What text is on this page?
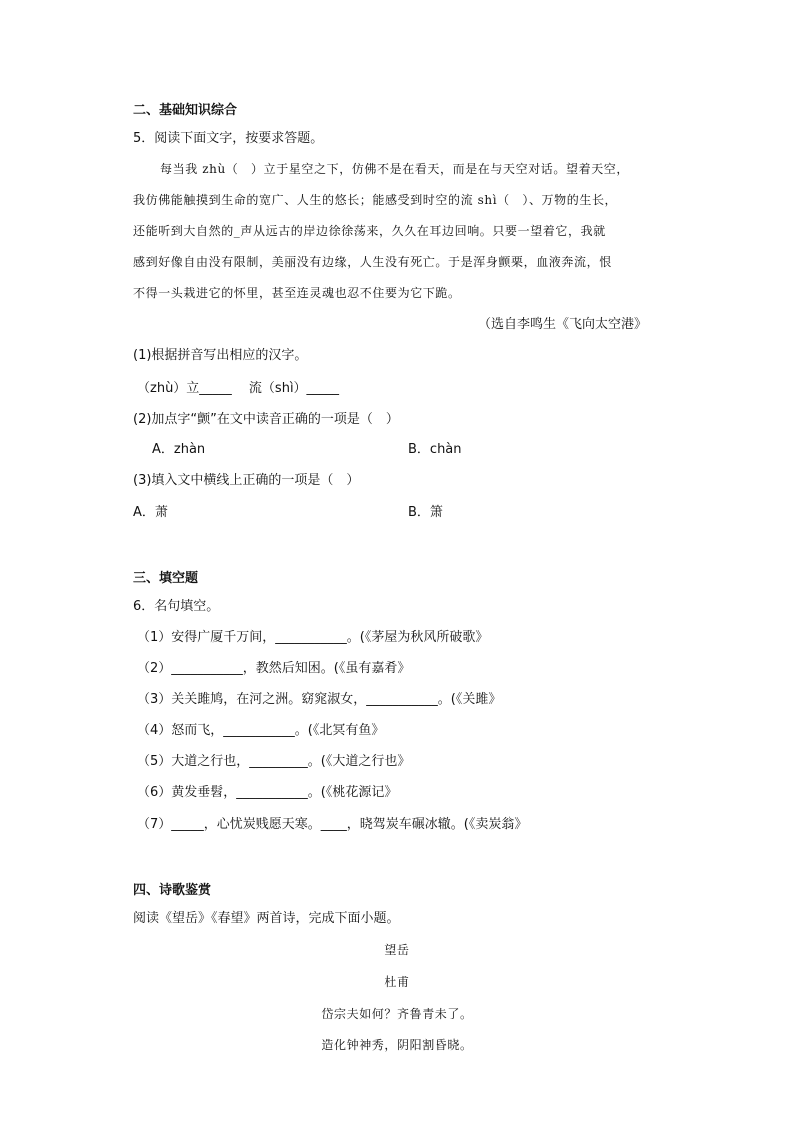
二、基础知识综合
5．阅读下面文字，按要求答题。
每当我 zhù（　）立于星空之下，仿佛不是在看天，而是在与天空对话。望着天空，
我仿佛能触摸到生命的宽广、人生的悠长；能感受到时空的流 shì（　）、万物的生长，
还能听到大自然的_声从远古的岸边徐徐荡来，久久在耳边回响。只要一望着它，我就
感到好像自由没有限制，美丽没有边缘，人生没有死亡。于是浑身颤栗，血液奔流，恨
不得一头栽进它的怀里，甚至连灵魂也忍不住要为它下跪。
（选自李鸣生《飞向太空港》
(1)根据拼音写出相应的汉字。
（zhù）立_____　 流（shì）_____
(2)加点字“颤”在文中读音正确的一项是（　）
A．zhàn	B．chàn
(3)填入文中横线上正确的一项是（　）
A．萧	B．箫
三、填空题
6．名句填空。
（1）安得广厦千万间，___________。(《茅屋为秋风所破歌》
（2）___________，教然后知困。(《虽有嘉肴》
（3）关关雎鸠，在河之洲。窈窕淑女，___________。(《关雎》
（4）怒而飞，___________。(《北冥有鱼》
（5）大道之行也，_________。(《大道之行也》
（6）黄发垂髫，___________。(《桃花源记》
（7）_____，心忧炭贱愿天寒。____，晓驾炭车碾冰辙。(《卖炭翁》
四、诗歌鉴赏
阅读《望岳》《春望》两首诗，完成下面小题。
望岳
杜甫
岱宗夫如何？齐鲁青未了。
造化钟神秀，阴阳割昏晓。
